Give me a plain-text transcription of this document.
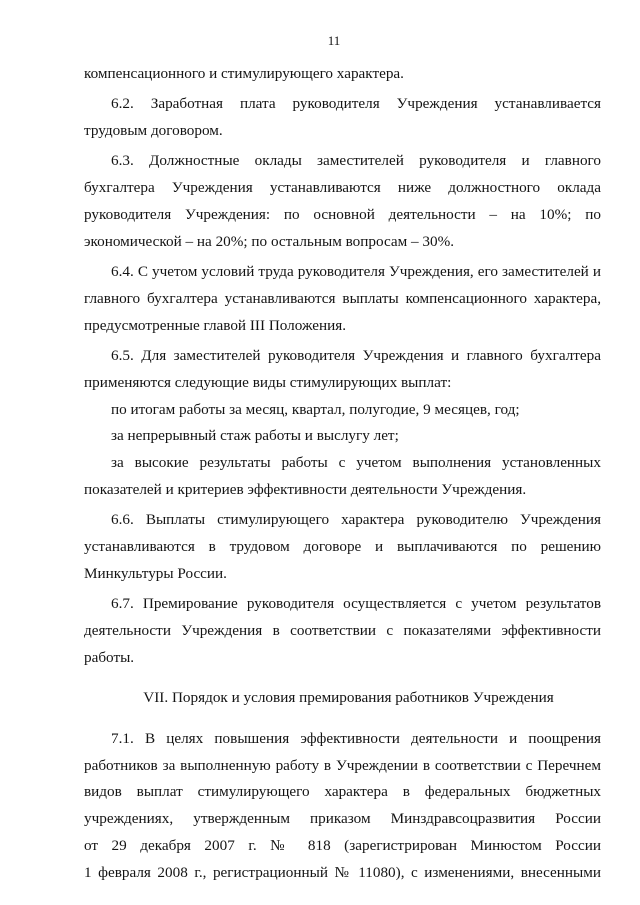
11
компенсационного и стимулирующего характера.
6.2. Заработная плата руководителя Учреждения устанавливается
трудовым договором.
6.3. Должностные оклады заместителей руководителя и главного
бухгалтера Учреждения устанавливаются ниже должностного оклада
руководителя Учреждения: по основной деятельности – на 10%; по
экономической – на 20%; по остальным вопросам – 30%.
6.4. С учетом условий труда руководителя Учреждения, его заместителей и
главного бухгалтера устанавливаются выплаты компенсационного характера,
предусмотренные главой III Положения.
6.5. Для заместителей руководителя Учреждения и главного бухгалтера
применяются следующие виды стимулирующих выплат:
по итогам работы за месяц, квартал, полугодие, 9 месяцев, год;
за непрерывный стаж работы и выслугу лет;
за высокие результаты работы с учетом выполнения установленных
показателей и критериев эффективности деятельности Учреждения.
6.6. Выплаты стимулирующего характера руководителю Учреждения
устанавливаются в трудовом договоре и выплачиваются по решению
Минкультуры России.
6.7. Премирование руководителя осуществляется с учетом результатов
деятельности Учреждения в соответствии с показателями эффективности
работы.
VII. Порядок и условия премирования работников Учреждения
7.1. В целях повышения эффективности деятельности и поощрения
работников за выполненную работу в Учреждении в соответствии с Перечнем
видов выплат стимулирующего характера в федеральных бюджетных
учреждениях, утвержденным приказом Минздравсоцразвития России
от 29 декабря 2007 г. № 818 (зарегистрирован Минюстом России
1 февраля 2008 г., регистрационный № 11080), с изменениями, внесенными
